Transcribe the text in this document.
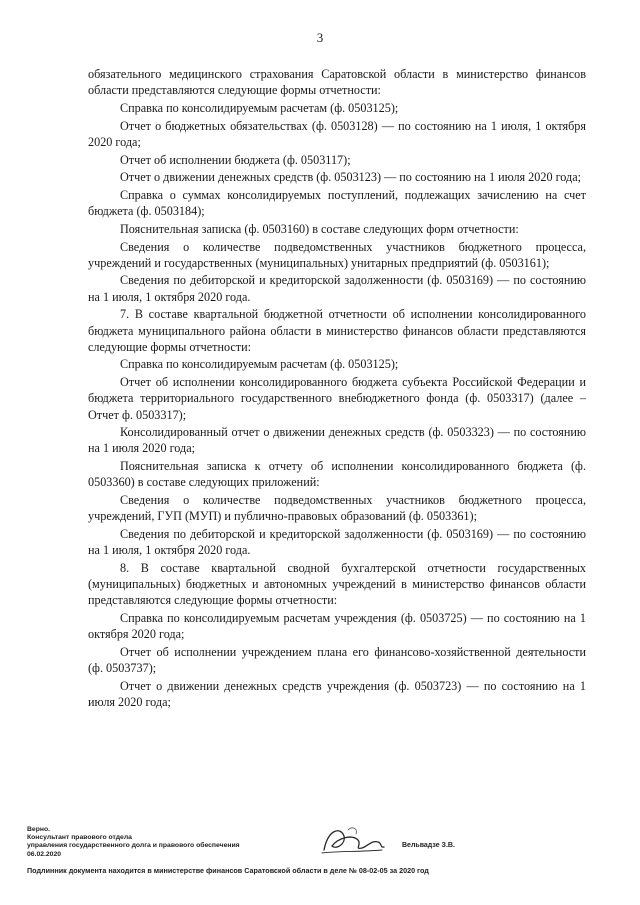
3

обязательного медицинского страхования Саратовской области в министерство финансов области представляются следующие формы отчетности:

Справка по консолидируемым расчетам (ф. 0503125);

Отчет о бюджетных обязательствах (ф. 0503128) — по состоянию на 1 июля, 1 октября 2020 года;

Отчет об исполнении бюджета (ф. 0503117);

Отчет о движении денежных средств (ф. 0503123) — по состоянию на 1 июля 2020 года;

Справка о суммах консолидируемых поступлений, подлежащих зачислению на счет бюджета (ф. 0503184);

Пояснительная записка (ф. 0503160) в составе следующих форм отчетности:

Сведения о количестве подведомственных участников бюджетного процесса, учреждений и государственных (муниципальных) унитарных предприятий (ф. 0503161);

Сведения по дебиторской и кредиторской задолженности (ф. 0503169) — по состоянию на 1 июля, 1 октября 2020 года.

7. В составе квартальной бюджетной отчетности об исполнении консолидированного бюджета муниципального района области в министерство финансов области представляются следующие формы отчетности:

Справка по консолидируемым расчетам (ф. 0503125);

Отчет об исполнении консолидированного бюджета субъекта Российской Федерации и бюджета территориального государственного внебюджетного фонда (ф. 0503317) (далее – Отчет ф. 0503317);

Консолидированный отчет о движении денежных средств (ф. 0503323) — по состоянию на 1 июля 2020 года;

Пояснительная записка к отчету об исполнении консолидированного бюджета (ф. 0503360) в составе следующих приложений:

Сведения о количестве подведомственных участников бюджетного процесса, учреждений, ГУП (МУП) и публично-правовых образований (ф. 0503361);

Сведения по дебиторской и кредиторской задолженности (ф. 0503169) — по состоянию на 1 июля, 1 октября 2020 года.

8. В составе квартальной сводной бухгалтерской отчетности государственных (муниципальных) бюджетных и автономных учреждений в министерство финансов области представляются следующие формы отчетности:

Справка по консолидируемым расчетам учреждения (ф. 0503725) — по состоянию на 1 октября 2020 года;

Отчет об исполнении учреждением плана его финансово-хозяйственной деятельности (ф. 0503737);

Отчет о движении денежных средств учреждения (ф. 0503723) — по состоянию на 1 июля 2020 года;

Верно.
Консультант правового отдела
управления государственного долга и правового обеспечения
06.02.2020
Вельвадзе З.В.
Подлинник документа находится в министерстве финансов Саратовской области в деле № 08-02-05 за 2020 год
